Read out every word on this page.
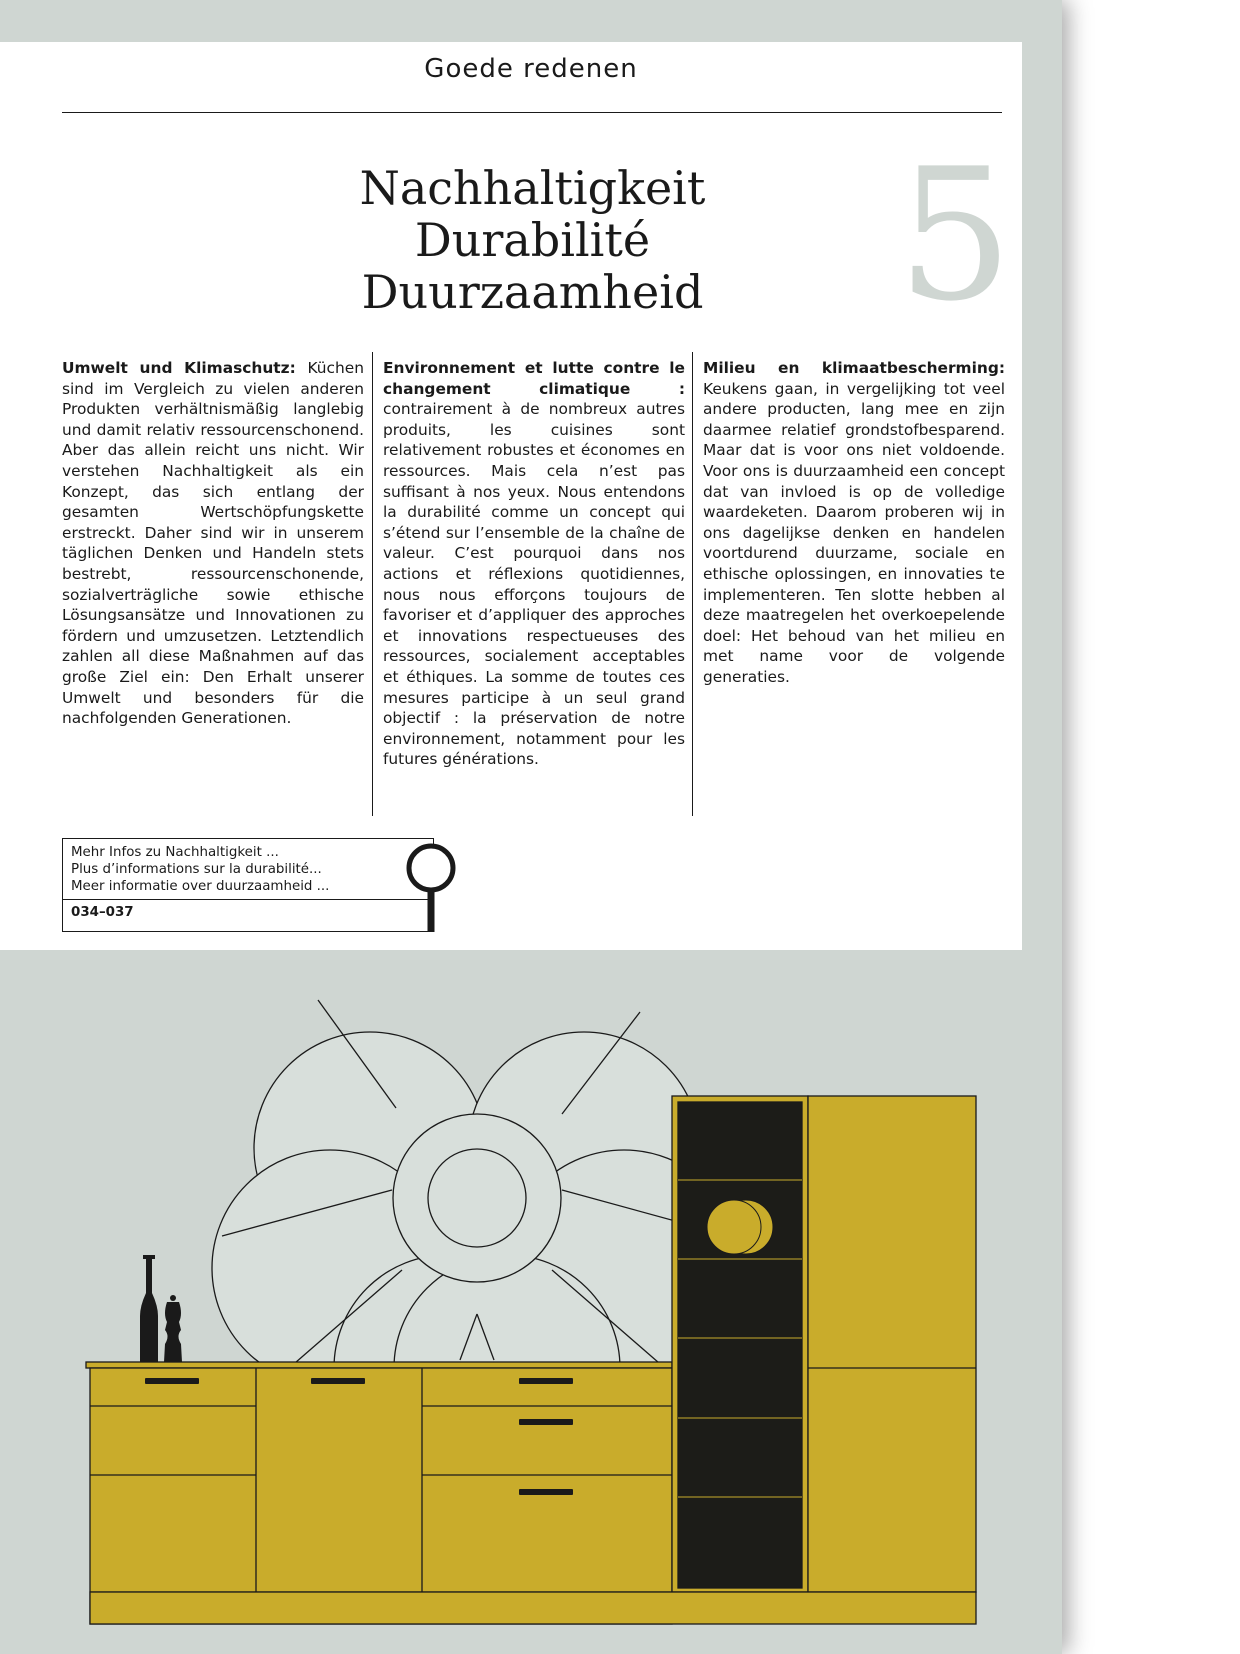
Goede redenen
Nachhaltigkeit
Durabilité
Duurzaamheid	5
Umwelt und Klimaschutz: Küchen sind im Vergleich zu vielen anderen Produkten verhältnismäßig langlebig und damit relativ ressourcenschonend. Aber das allein reicht uns nicht. Wir verstehen Nachhaltigkeit als ein Konzept, das sich entlang der gesamten Wertschöpfungskette erstreckt. Daher sind wir in unserem täglichen Denken und Handeln stets bestrebt, ressourcenschonende, sozialverträgliche sowie ethische Lösungsansätze und Innovationen zu fördern und umzusetzen. Letztendlich zahlen all diese Maßnahmen auf das große Ziel ein: Den Erhalt unserer Umwelt und besonders für die nachfolgenden Generationen.
Environnement et lutte contre le changement climatique : contrairement à de nombreux autres produits, les cuisines sont relativement robustes et économes en ressources. Mais cela n’est pas suffisant à nos yeux. Nous entendons la durabilité comme un concept qui s’étend sur l’ensemble de la chaîne de valeur. C’est pourquoi dans nos actions et réflexions quotidiennes, nous nous efforçons toujours de favoriser et d’appliquer des approches et innovations respectueuses des ressources, socialement acceptables et éthiques. La somme de toutes ces mesures participe à un seul grand objectif : la préservation de notre environnement, notamment pour les futures générations.
Milieu en klimaatbescherming: Keukens gaan, in vergelijking tot veel andere producten, lang mee en zijn daarmee relatief grondstofbesparend. Maar dat is voor ons niet voldoende. Voor ons is duurzaamheid een concept dat van invloed is op de volledige waardeketen. Daarom proberen wij in ons dagelijkse denken en handelen voortdurend duurzame, sociale en ethische oplossingen, en innovaties te implementeren. Ten slotte hebben al deze maatregelen het overkoepelende doel: Het behoud van het milieu en met name voor de volgende generaties.
Mehr Infos zu Nachhaltigkeit ...
Plus d’informations sur la durabilité...
Meer informatie over duurzaamheid ...
034–037
